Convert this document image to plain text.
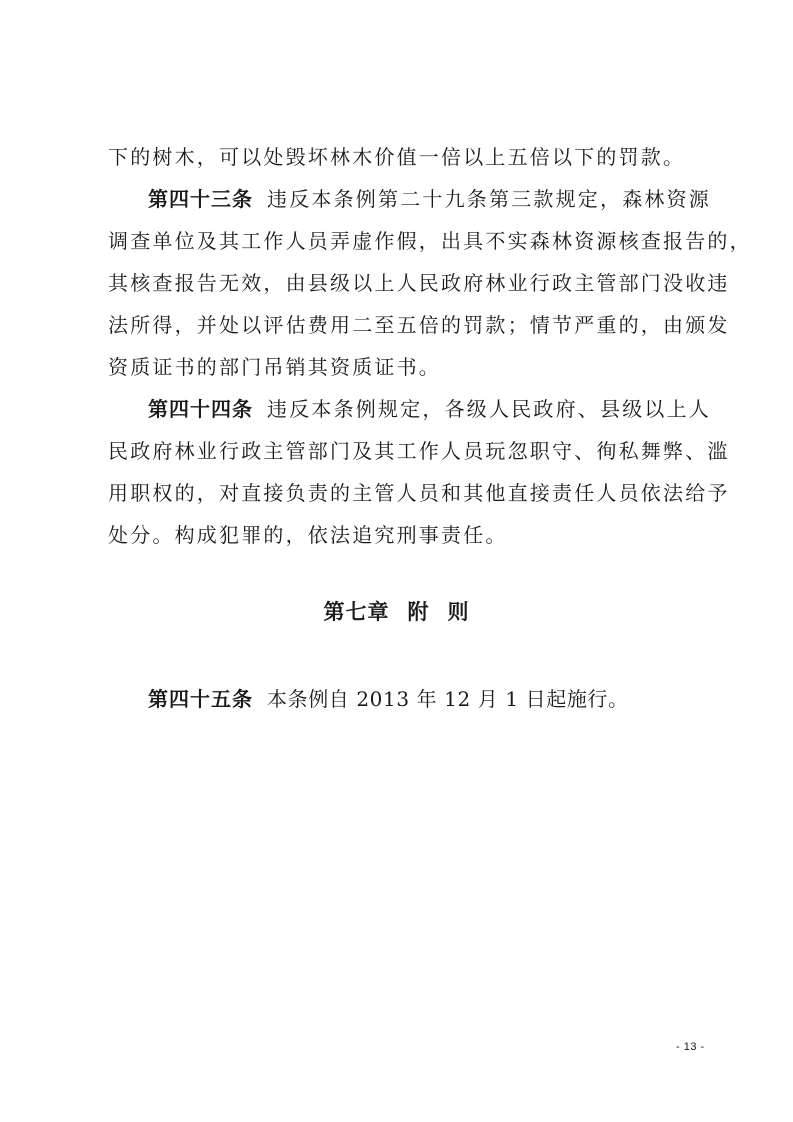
下的树木，可以处毁坏林木价值一倍以上五倍以下的罚款。
第四十三条 违反本条例第二十九条第三款规定，森林资源
调查单位及其工作人员弄虚作假，出具不实森林资源核查报告的，
其核查报告无效，由县级以上人民政府林业行政主管部门没收违
法所得，并处以评估费用二至五倍的罚款；情节严重的，由颁发
资质证书的部门吊销其资质证书。
第四十四条 违反本条例规定，各级人民政府、县级以上人
民政府林业行政主管部门及其工作人员玩忽职守、徇私舞弊、滥
用职权的，对直接负责的主管人员和其他直接责任人员依法给予
处分。构成犯罪的，依法追究刑事责任。
第七章 附 则
第四十五条 本条例自 2013 年 12 月 1 日起施行。
- 13 -
